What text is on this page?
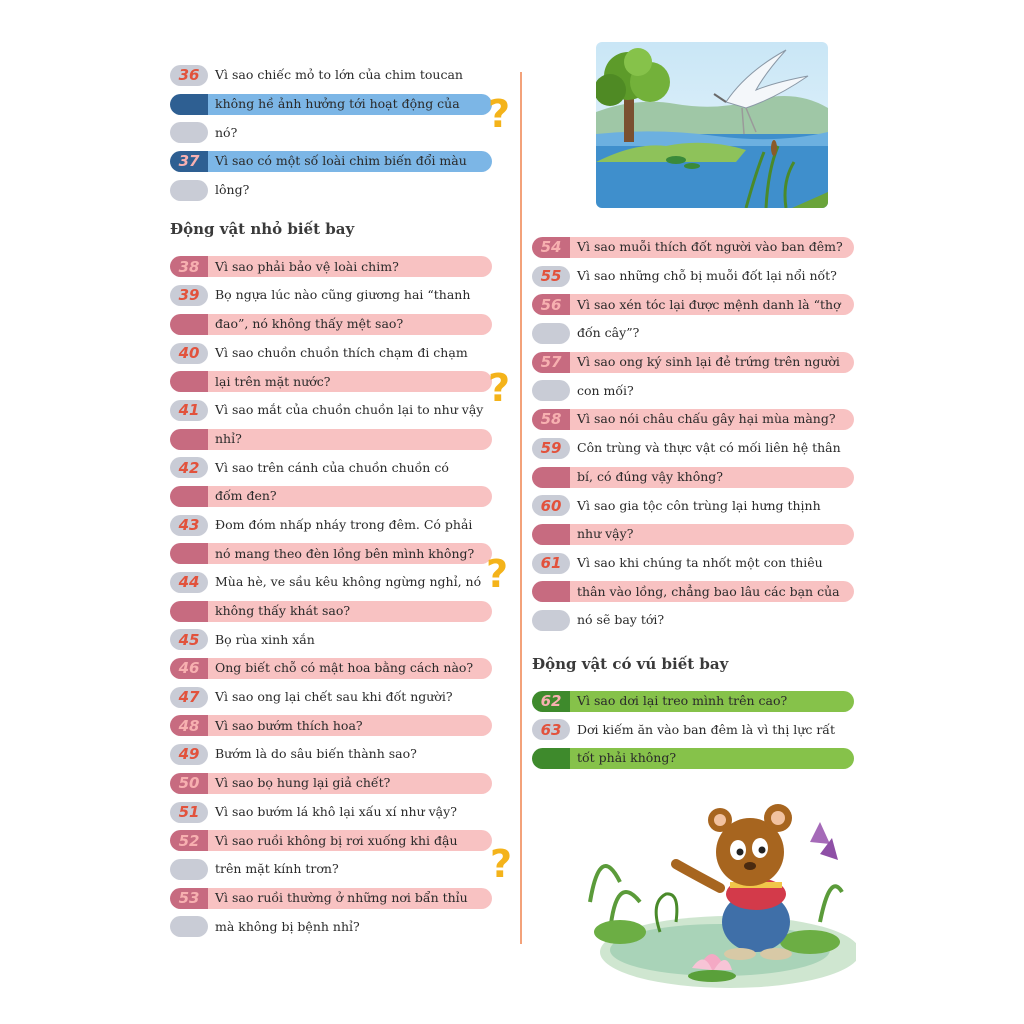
36	Vì sao chiếc mỏ to lớn của chim toucan
không hề ảnh hưởng tới hoạt động của
nó?
37	Vì sao có một số loài chim biến đổi màu
lông?
Động vật nhỏ biết bay
38	Vì sao phải bảo vệ loài chim?
39	Bọ ngựa lúc nào cũng giương hai “thanh
đao”, nó không thấy mệt sao?
40	Vì sao chuồn chuồn thích chạm đi chạm
lại trên mặt nước?
41	Vì sao mắt của chuồn chuồn lại to như vậy
nhỉ?
42	Vì sao trên cánh của chuồn chuồn có
đốm đen?
43	Đom đóm nhấp nháy trong đêm. Có phải
nó mang theo đèn lồng bên mình không?
44	Mùa hè, ve sầu kêu không ngừng nghỉ, nó
không thấy khát sao?
45	Bọ rùa xinh xắn
46	Ong biết chỗ có mật hoa bằng cách nào?
47	Vì sao ong lại chết sau khi đốt người?
48	Vì sao bướm thích hoa?
49	Bướm là do sâu biến thành sao?
50	Vì sao bọ hung lại giả chết?
51	Vì sao bướm lá khô lại xấu xí như vậy?
52	Vì sao ruồi không bị rơi xuống khi đậu
trên mặt kính trơn?
53	Vì sao ruồi thường ở những nơi bẩn thỉu
mà không bị bệnh nhỉ?
54	Vì sao muỗi thích đốt người vào ban đêm?
55	Vì sao những chỗ bị muỗi đốt lại nổi nốt?
56	Vì sao xén tóc lại được mệnh danh là “thợ
đốn cây”?
57	Vì sao ong ký sinh lại đẻ trứng trên người
con mối?
58	Vì sao nói châu chấu gây hại mùa màng?
59	Côn trùng và thực vật có mối liên hệ thân
bí, có đúng vậy không?
60	Vì sao gia tộc côn trùng lại hưng thịnh
như vậy?
61	Vì sao khi chúng ta nhốt một con thiêu
thân vào lồng, chẳng bao lâu các bạn của
nó sẽ bay tới?
Động vật có vú biết bay
62	Vì sao dơi lại treo mình trên cao?
63	Dơi kiếm ăn vào ban đêm là vì thị lực rất
tốt phải không?
?
?
?
?
